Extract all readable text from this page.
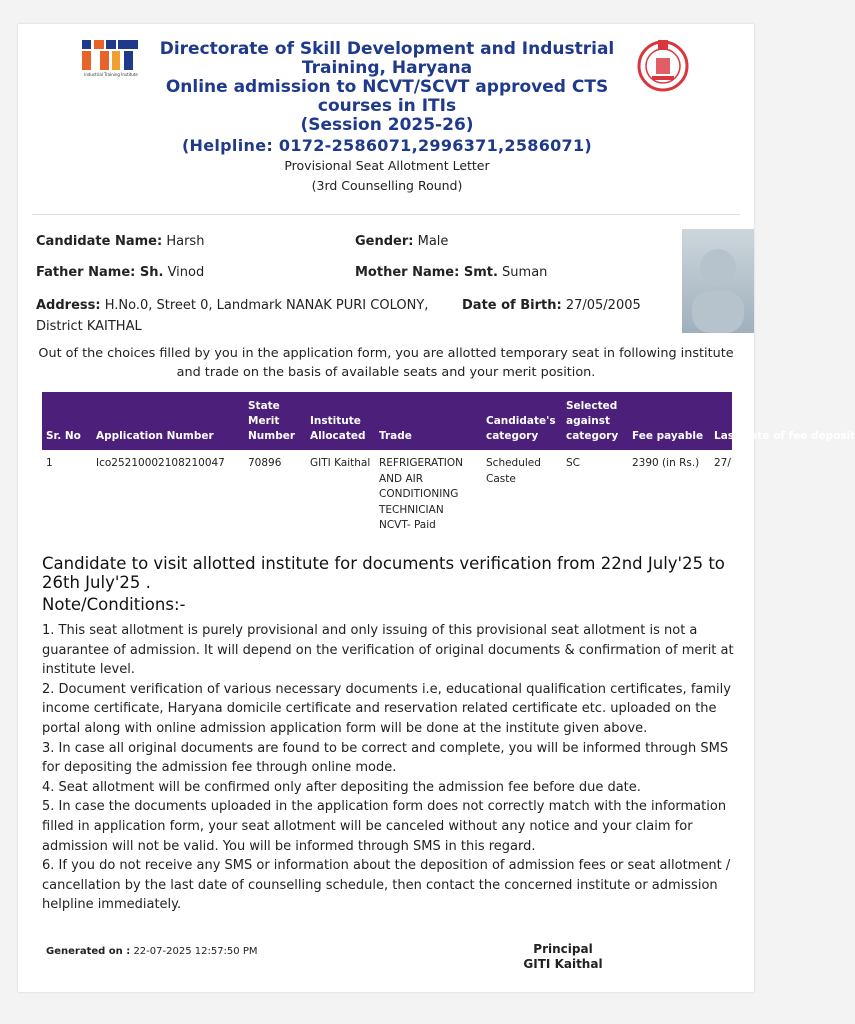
Industrial Training Institute
Directorate of Skill Development and Industrial
Training, Haryana
Online admission to NCVT/SCVT approved CTS
courses in ITIs
(Session 2025-26)
(Helpline: 0172-2586071,2996371,2586071)
Provisional Seat Allotment Letter
(3rd Counselling Round)
Candidate Name: Harsh	Gender: Male
Father Name: Sh. Vinod	Mother Name: Smt. Suman
Address: H.No.0, Street 0, Landmark NANAK PURI COLONY,
District KAITHAL
Date of Birth: 27/05/2005
Out of the choices filled by you in the application form, you are allotted temporary seat in following institute and trade on the basis of available seats and your merit position.
Sr. No	Application Number	State Merit Number	Institute Allocated	Trade	Candidate's category	Selected against category	Fee payable	Last date of fee deposit
1	Ico25210002108210047	70896	GITI Kaithal	REFRIGERATION AND AIR CONDITIONING TECHNICIAN NCVT- Paid	Scheduled Caste	SC	2390 (in Rs.)	27/
Candidate to visit allotted institute for documents verification from 22nd July'25 to 26th July'25 .
Note/Conditions:-

1. This seat allotment is purely provisional and only issuing of this provisional seat allotment is not a guarantee of admission. It will depend on the verification of original documents & confirmation of merit at institute level.

2. Document verification of various necessary documents i.e, educational qualification certificates, family income certificate, Haryana domicile certificate and reservation related certificate etc. uploaded on the portal along with online admission application form will be done at the institute given above.

3. In case all original documents are found to be correct and complete, you will be informed through SMS for depositing the admission fee through online mode.

4. Seat allotment will be confirmed only after depositing the admission fee before due date.

5. In case the documents uploaded in the application form does not correctly match with the information filled in application form, your seat allotment will be canceled without any notice and your claim for admission will not be valid. You will be informed through SMS in this regard.

6. If you do not receive any SMS or information about the deposition of admission fees or seat allotment / cancellation by the last date of counselling schedule, then contact the concerned institute or admission helpline immediately.

Generated on : 22-07-2025 12:57:50 PM	Principal
GITI Kaithal
